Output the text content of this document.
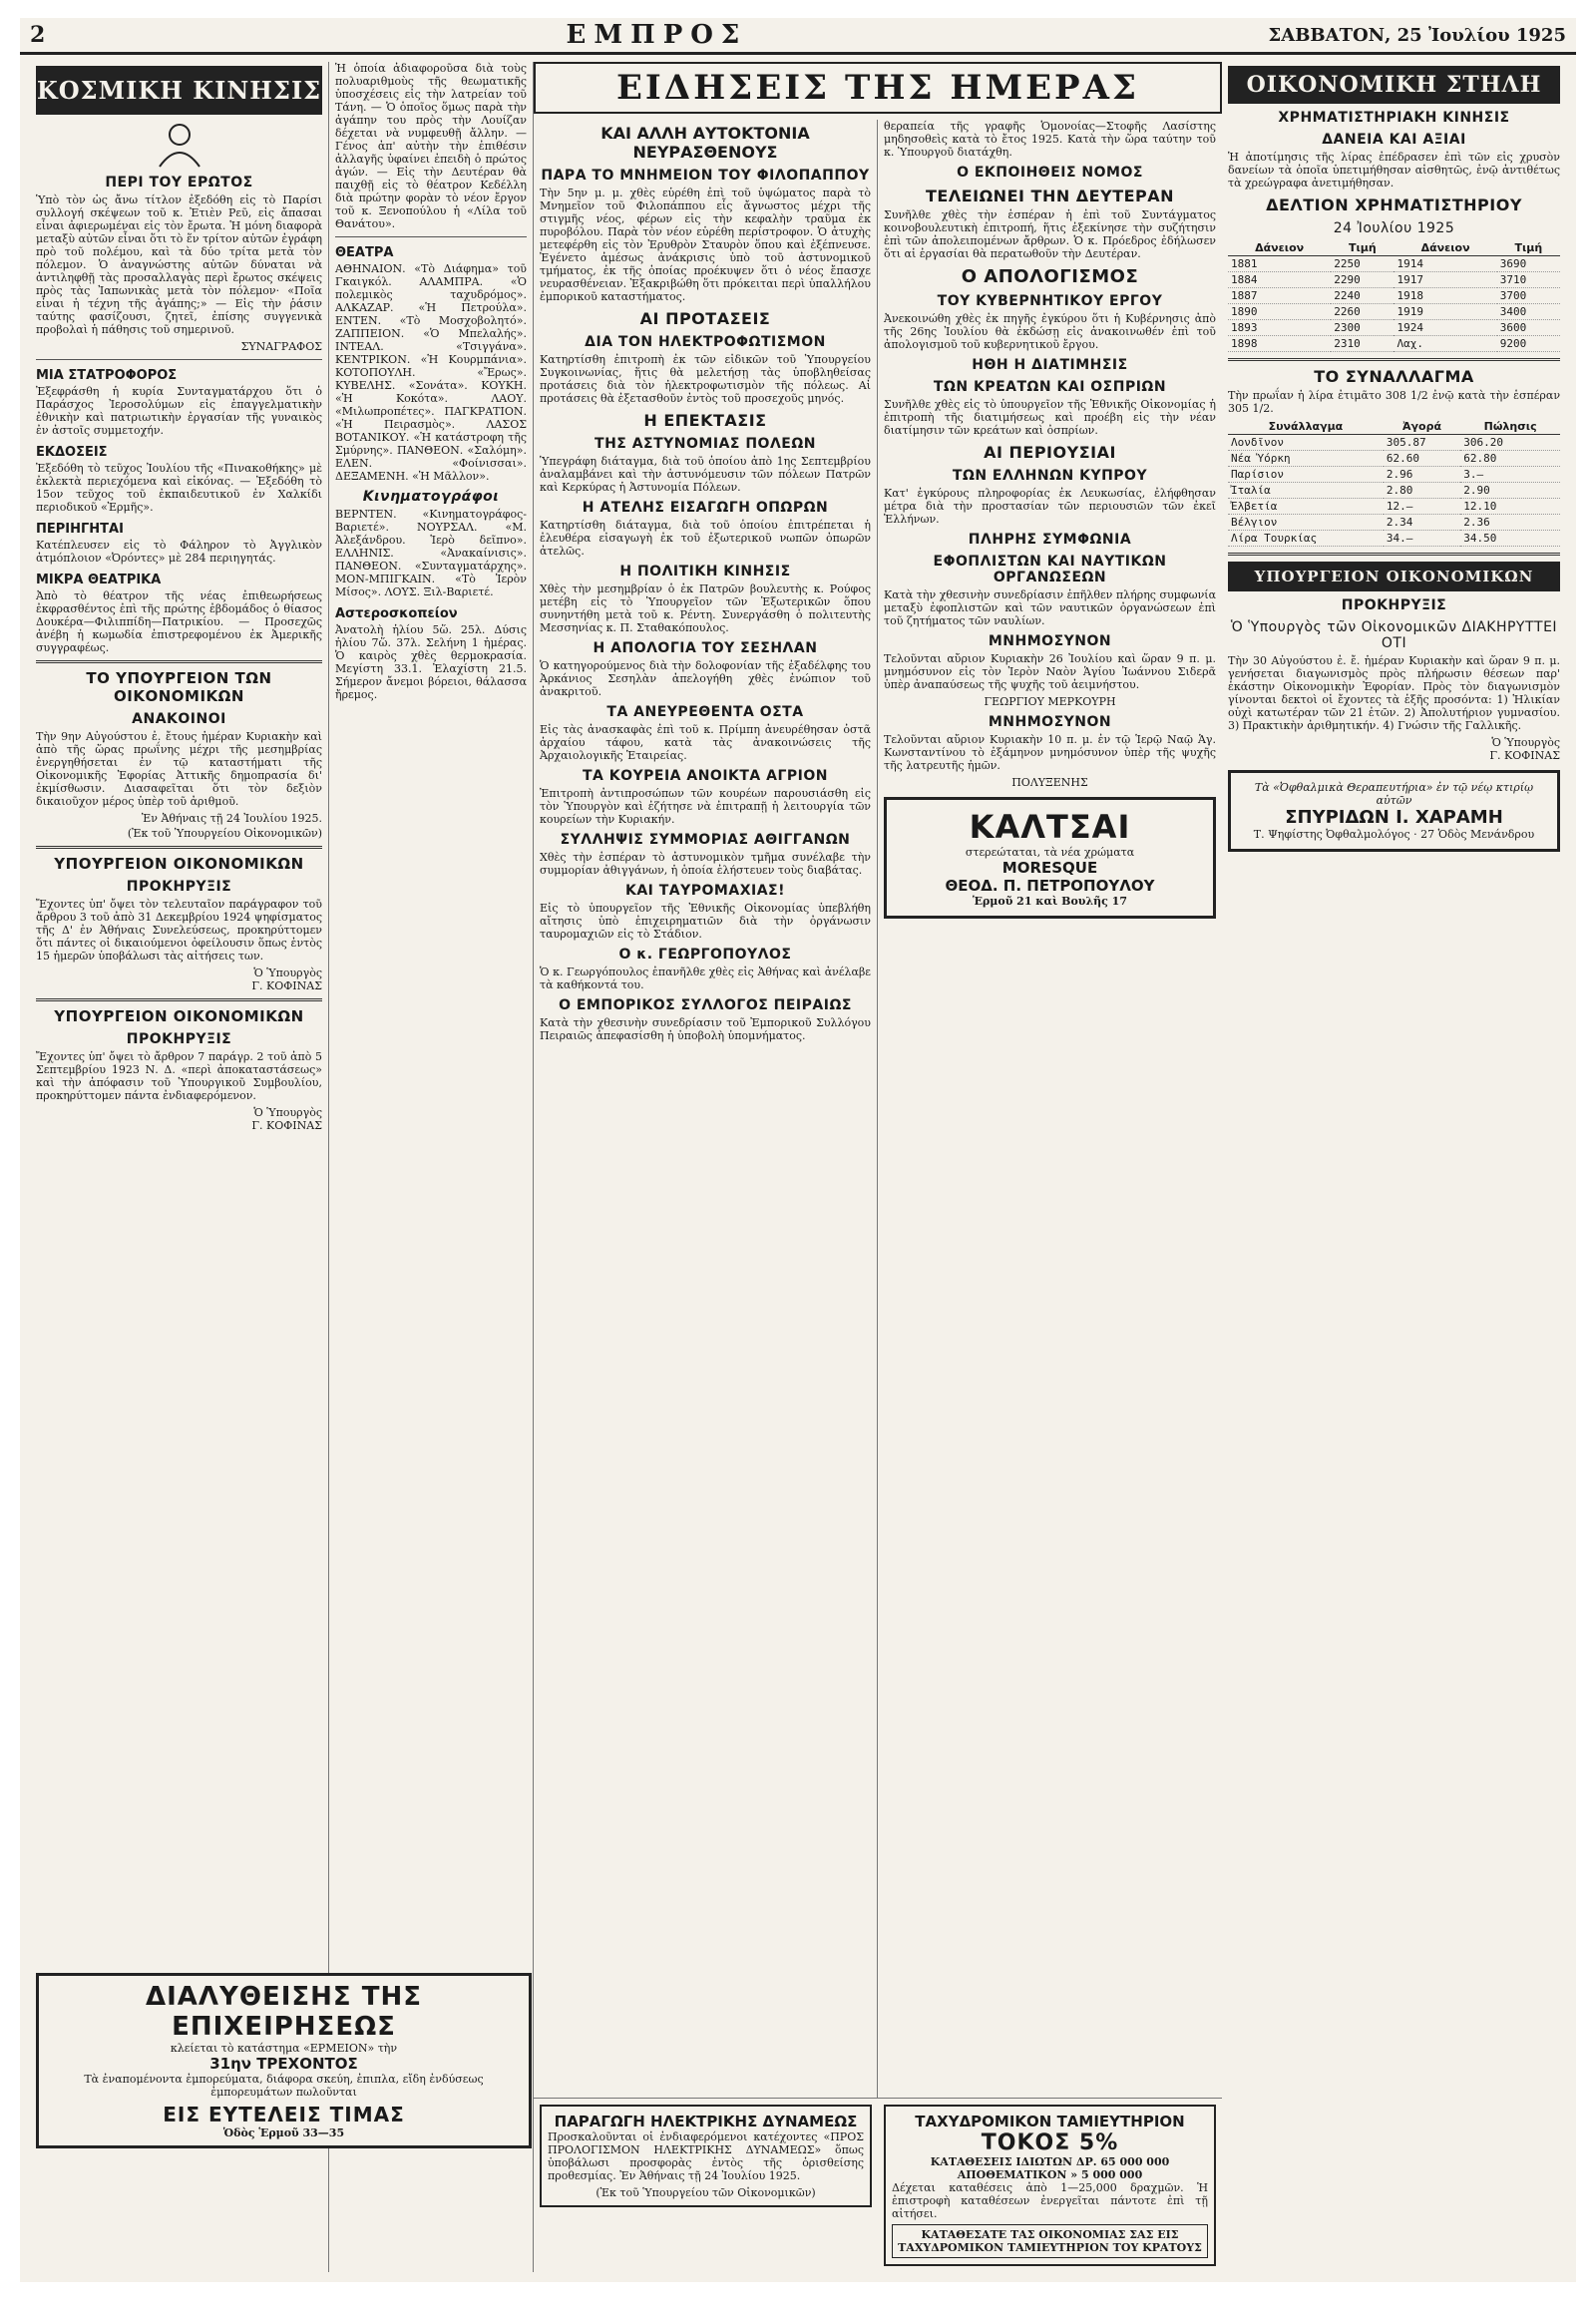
2	ΕΜΠΡΟΣ	ΣΑΒΒΑΤΟΝ, 25 Ἰουλίου 1925
ΚΟΣΜΙΚΗ ΚΙΝΗΣΙΣ
ΠΕΡΙ ΤΟΥ ΕΡΩΤΟΣ

Ὑπὸ τὸν ὡς ἄνω τίτλον ἐξεδόθη εἰς τὸ Παρίσι συλλογή σκέψεων τοῦ κ. Ἐτιὲν Ρεῦ, εἰς ἄπασαι εἶναι ἀφιερωμέναι εἰς τὸν ἔρωτα. Ἡ μόνη διαφορὰ μεταξὺ αὐτῶν εἶναι ὅτι τὸ ἕν τρίτον αὐτῶν ἐγράφη πρὸ τοῦ πολέμου, καὶ τὰ δύο τρίτα μετὰ τὸν πόλεμον. Ὁ ἀναγνώστης αὐτῶν δύναται νὰ ἀντιληφθῇ τὰς προσαλλαγὰς περὶ ἔρωτος σκέψεις πρὸς τὰς Ἰαπωνικὰς μετὰ τὸν πόλεμον· «Ποῖα εἶναι ἡ τέχνη τῆς ἀγάπης;» — Εἰς τὴν ῥάσιν ταύτης φασίζουσι, ζητεῖ, ἐπίσης συγγενικὰ προβολαὶ ἡ πάθησις τοῦ σημερινοῦ.

ΣΥΝΑΓΡΑΦΟΣ
ΜΙΑ ΣΤΑΤΡΟΦΟΡΟΣ

Ἐξεφράσθη ἡ κυρία Συνταγματάρχου ὅτι ὁ Παράσχος Ἰεροσολύμων εἰς ἐπαγγελματικὴν ἐθνικὴν καὶ πατριωτικὴν ἐργασίαν τῆς γυναικὸς ἐν ἀστοῖς συμμετοχήν.

ΕΚΔΟΣΕΙΣ

Ἐξεδόθη τὸ τεῦχος Ἰουλίου τῆς «Πινακοθήκης» μὲ ἐκλεκτὰ περιεχόμενα καὶ εἰκόνας. — Ἐξεδόθη τὸ 15ον τεῦχος τοῦ ἐκπαιδευτικοῦ ἐν Χαλκίδι περιοδικοῦ «Ἐρμῆς».

ΠΕΡΙΗΓΗΤΑΙ

Κατέπλευσεν εἰς τὸ Φάληρον τὸ Ἀγγλικὸν ἀτμόπλοιον «Ὀρόντες» μὲ 284 περιηγητάς.

ΜΙΚΡΑ ΘΕΑΤΡΙΚΑ

Ἀπὸ τὸ θέατρον τῆς νέας ἐπιθεωρήσεως ἐκφρασθέντος ἐπὶ τῆς πρώτης ἐβδομάδος ὁ θίασος Δουκέρα—Φιλιππίδη—Πατρικίου. — Προσεχῶς ἀνέβη ἡ κωμωδία ἐπιστρεφομένου ἐκ Ἀμερικῆς συγγραφέως.

ΤΟ ΥΠΟΥΡΓΕΙΟΝ ΤΩΝ ΟΙΚΟΝΟΜΙΚΩΝ
ΑΝΑΚΟΙΝΟΙ

Τὴν 9ην Αὐγούστου ἐ. ἔτους ἡμέραν Κυριακὴν καὶ ἀπὸ τῆς ὥρας πρωΐνης μέχρι τῆς μεσημβρίας ἐνεργηθήσεται ἐν τῷ καταστήματι τῆς Οἰκονομικῆς Ἐφορίας Ἀττικῆς δημοπρασία δι' ἐκμίσθωσιν. Διασαφεῖται ὅτι τὸν δεξιὸν δικαιοῦχον μέρος ὑπὲρ τοῦ ἀριθμοῦ.

Ἐν Ἀθήναις τῇ 24 Ἰουλίου 1925.
(Ἐκ τοῦ Ὑπουργείου Οἰκονομικῶν)
ΥΠΟΥΡΓΕΙΟΝ ΟΙΚΟΝΟΜΙΚΩΝ
ΠΡΟΚΗΡΥΞΙΣ

Ἔχοντες ὑπ' ὄψει τὸν τελευταῖον παράγραφον τοῦ ἄρθρου 3 τοῦ ἀπὸ 31 Δεκεμβρίου 1924 ψηφίσματος τῆς Δ' ἐν Ἀθήναις Συνελεύσεως, προκηρύττομεν ὅτι πάντες οἱ δικαιούμενοι ὀφείλουσιν ὅπως ἐντὸς 15 ἡμερῶν ὑποβάλωσι τὰς αἰτήσεις των.

Ὁ Ὑπουργὸς
Γ. ΚΟΦΙΝΑΣ
ΥΠΟΥΡΓΕΙΟΝ ΟΙΚΟΝΟΜΙΚΩΝ
ΠΡΟΚΗΡΥΞΙΣ

Ἔχοντες ὑπ' ὄψει τὸ ἄρθρον 7 παράγρ. 2 τοῦ ἀπὸ 5 Σεπτεμβρίου 1923 Ν. Δ. «περὶ ἀποκαταστάσεως» καὶ τὴν ἀπόφασιν τοῦ Ὑπουργικοῦ Συμβουλίου, προκηρύττομεν πάντα ἐνδιαφερόμενον.

Ὁ Ὑπουργὸς
Γ. ΚΟΦΙΝΑΣ

Ἡ ὁποία ἀδιαφοροῦσα διὰ τοὺς πολυαριθμοὺς τῆς θεωματικῆς ὑποσχέσεις εἰς τὴν λατρείαν τοῦ Τάνη. — Ὁ ὁποῖος ὅμως παρὰ τὴν ἀγάπην του πρὸς τὴν Λουίζαν δέχεται νὰ νυμφευθῇ ἄλλην. — Γένος ἀπ' αὐτὴν τὴν ἐπιθέσιν ἀλλαγῆς ὑφαίνει ἐπειδὴ ὁ πρώτος ἀγών. — Εἰς τὴν Δευτέραν θὰ παιχθῇ εἰς τὸ θέατρον Κεδέλλη διὰ πρώτην φορὰν τὸ νέον ἔργον τοῦ κ. Ξενοπούλου ἡ «Λίλα τοῦ Θανάτου».

ΘΕΑΤΡΑ

ΑΘΗΝΑΙΟΝ. «Τὸ Διάφημα» τοῦ Γκαιγκόλ. ΑΛΑΜΠΡΑ. «Ὁ πολεμικὸς ταχυδρόμος». ΑΛΚΑΖΑΡ. «Ἡ Πετρούλα». ΕΝΤΕΝ. «Τὸ Μοσχοβολητό». ΖΑΠΠΕΙΟΝ. «Ὁ Μπελαλής». ΙΝΤΕΑΛ. «Τσιγγάνα». ΚΕΝΤΡΙΚΟΝ. «Ἡ Κουρμπάνια». ΚΟΤΟΠΟΥΛΗ. «Ἔρως». ΚΥΒΕΛΗΣ. «Σονάτα». ΚΟΥΚΗ. «Ἡ Κοκότα». ΛΑΟΥ. «Μιλωπροπέτες». ΠΑΓΚΡΑΤΙΟΝ. «Ἡ Πειρασμὸς». ΛΑΣΟΣ ΒΟΤΑΝΙΚΟΥ. «Ἡ κατάστροφη τῆς Σμύρνης». ΠΑΝΘΕΟΝ. «Σαλόμη». ΕΛΕΝ. «Φοίνισσαι». ΔΕΞΑΜΕΝΗ. «Ἡ Μᾶλλον».

Κινηματογράφοι

ΒΕΡΝΤΕΝ. «Κινηματογράφος-Βαριετέ». ΝΟΥΡΣΑΛ. «Μ. Ἀλεξάνδρου. Ἱερὸ δεῖπνο». ΕΛΛΗΝΙΣ. «Ἀνακαίνισις». ΠΑΝΘΕΟΝ. «Συνταγματάρχης». ΜΟΝ-ΜΠΙΓΚΑΙΝ. «Τὸ Ἱερὸν Μίσος». ΛΟΥΣ. Ξιλ-Βαριετέ.

Αστεροσκοπείον

Ἀνατολὴ ἡλίου 5ὥ. 25λ. Δύσις ἡλίου 7ὥ. 37λ. Σελήνη 1 ἡμέρας. Ὁ καιρὸς χθὲς θερμοκρασία. Μεγίστη 33.1. Ἐλαχίστη 21.5. Σήμερον ἄνεμοι βόρειοι, θάλασσα ἤρεμος.

ΕΙΔΗΣΕΙΣ ΤΗΣ ΗΜΕΡΑΣ
ΚΑΙ ΑΛΛΗ ΑΥΤΟΚΤΟΝΙΑ ΝΕΥΡΑΣΘΕΝΟΥΣ
ΠΑΡΑ ΤΟ ΜΝΗΜΕΙΟΝ ΤΟΥ ΦΙΛΟΠΑΠΠΟΥ

Τὴν 5ην μ. μ. χθὲς εὑρέθη ἐπὶ τοῦ ὑψώματος παρὰ τὸ Μνημεῖον τοῦ Φιλοπάππου εἷς ἄγνωστος μέχρι τῆς στιγμῆς νέος, φέρων εἰς τὴν κεφαλὴν τραῦμα ἐκ πυροβόλου. Παρὰ τὸν νέον εὑρέθη περίστροφον. Ὁ ἀτυχὴς μετεφέρθη εἰς τὸν Ἐρυθρὸν Σταυρὸν ὅπου καὶ ἐξέπνευσε. Ἐγένετο ἀμέσως ἀνάκρισις ὑπὸ τοῦ ἀστυνομικοῦ τμήματος, ἐκ τῆς ὁποίας προέκυψεν ὅτι ὁ νέος ἔπασχε νευρασθένειαν. Ἐξακριβώθη ὅτι πρόκειται περὶ ὑπαλλήλου ἐμπορικοῦ καταστήματος.

ΑΙ ΠΡΟΤΑΣΕΙΣ
ΔΙΑ ΤΟΝ ΗΛΕΚΤΡΟΦΩΤΙΣΜΟΝ

Κατηρτίσθη ἐπιτροπὴ ἐκ τῶν εἰδικῶν τοῦ Ὑπουργείου Συγκοινωνίας, ἥτις θὰ μελετήσῃ τὰς ὑποβληθείσας προτάσεις διὰ τὸν ἠλεκτροφωτισμὸν τῆς πόλεως. Αἱ προτάσεις θὰ ἐξετασθοῦν ἐντὸς τοῦ προσεχοῦς μηνός.

Η ΕΠΕΚΤΑΣΙΣ
ΤΗΣ ΑΣΤΥΝΟΜΙΑΣ ΠΟΛΕΩΝ

Ὑπεγράφη διάταγμα, διὰ τοῦ ὁποίου ἀπὸ 1ης Σεπτεμβρίου ἀναλαμβάνει καὶ τὴν ἀστυνόμευσιν τῶν πόλεων Πατρῶν καὶ Κερκύρας ἡ Ἀστυνομία Πόλεων.

Η ΑΤΕΛΗΣ ΕΙΣΑΓΩΓΗ ΟΠΩΡΩΝ

Κατηρτίσθη διάταγμα, διὰ τοῦ ὁποίου ἐπιτρέπεται ἡ ἐλευθέρα εἰσαγωγὴ ἐκ τοῦ ἐξωτερικοῦ νωπῶν ὀπωρῶν ἀτελῶς.

Η ΠΟΛΙΤΙΚΗ ΚΙΝΗΣΙΣ

Χθὲς τὴν μεσημβρίαν ὁ ἐκ Πατρῶν βουλευτὴς κ. Ρούφος μετέβη εἰς τὸ Ὑπουργεῖον τῶν Ἐξωτερικῶν ὅπου συνηντήθη μετὰ τοῦ κ. Ρέντη. Συνεργάσθη ὁ πολιτευτὴς Μεσσηνίας κ. Π. Σταθακόπουλος.

Η ΑΠΟΛΟΓΙΑ ΤΟΥ ΣΕΣΗΛΑΝ

Ὁ κατηγορούμενος διὰ τὴν δολοφονίαν τῆς ἐξαδέλφης του Ἀρκάνιος Σεσηλὰν ἀπελογήθη χθὲς ἐνώπιον τοῦ ἀνακριτοῦ.

ΤΑ ΑΝΕΥΡΕΘΕΝΤΑ ΟΣΤΑ

Εἰς τὰς ἀνασκαφὰς ἐπὶ τοῦ κ. Πρίμπη ἀνευρέθησαν ὀστᾶ ἀρχαίου τάφου, κατὰ τὰς ἀνακοινώσεις τῆς Ἀρχαιολογικῆς Ἑταιρείας.

ΤΑ ΚΟΥΡΕΙΑ ΑΝΟΙΚΤΑ ΑΓΡΙΟΝ

Ἐπιτροπὴ ἀντιπροσώπων τῶν κουρέων παρουσιάσθη εἰς τὸν Ὑπουργὸν καὶ ἐζήτησε νὰ ἐπιτραπῇ ἡ λειτουργία τῶν κουρείων τὴν Κυριακήν.

ΣΥΛΛΗΨΙΣ ΣΥΜΜΟΡΙΑΣ ΑΘΙΓΓΑΝΩΝ

Χθὲς τὴν ἑσπέραν τὸ ἀστυνομικὸν τμῆμα συνέλαβε τὴν συμμορίαν ἀθιγγάνων, ἡ ὁποία ἐλήστευεν τοὺς διαβάτας.

ΚΑΙ ΤΑΥΡΟΜΑΧΙΑΣ!

Εἰς τὸ ὑπουργεῖον τῆς Ἐθνικῆς Οἰκονομίας ὑπεβλήθη αἴτησις ὑπὸ ἐπιχειρηματιῶν διὰ τὴν ὀργάνωσιν ταυρομαχιῶν εἰς τὸ Στάδιον.

Ο κ. ΓΕΩΡΓΟΠΟΥΛΟΣ

Ὁ κ. Γεωργόπουλος ἐπανῆλθε χθὲς εἰς Ἀθήνας καὶ ἀνέλαβε τὰ καθήκοντά του.

Ο ΕΜΠΟΡΙΚΟΣ ΣΥΛΛΟΓΟΣ ΠΕΙΡΑΙΩΣ

Κατὰ τὴν χθεσινὴν συνεδρίασιν τοῦ Ἐμπορικοῦ Συλλόγου Πειραιῶς ἀπεφασίσθη ἡ ὑποβολὴ ὑπομνήματος.

θεραπεία τῆς γραφῆς Ὁμονοίας—Στοφῆς Λασίστης μηδησοθεὶς κατὰ τὸ ἔτος 1925. Κατὰ τὴν ὥρα ταύτην τοῦ κ. Ὑπουργοῦ διατάχθη.

Ο ΕΚΠΟΙΗΘΕΙΣ ΝΟΜΟΣ
ΤΕΛΕΙΩΝΕΙ ΤΗΝ ΔΕΥΤΕΡΑΝ

Συνῆλθε χθὲς τὴν ἑσπέραν ἡ ἐπὶ τοῦ Συντάγματος κοινοβουλευτικὴ ἐπιτροπή, ἥτις ἐξεκίνησε τὴν συζήτησιν ἐπὶ τῶν ἀπολειπομένων ἄρθρων. Ὁ κ. Πρόεδρος ἐδήλωσεν ὅτι αἱ ἐργασίαι θὰ περατωθοῦν τὴν Δευτέραν.

Ο ΑΠΟΛΟΓΙΣΜΟΣ
ΤΟΥ ΚΥΒΕΡΝΗΤΙΚΟΥ ΕΡΓΟΥ

Ἀνεκοινώθη χθὲς ἐκ πηγῆς ἐγκύρου ὅτι ἡ Κυβέρνησις ἀπὸ τῆς 26ης Ἰουλίου θὰ ἐκδώσῃ εἰς ἀνακοινωθέν ἐπὶ τοῦ ἀπολογισμοῦ τοῦ κυβερνητικοῦ ἔργου.

ΗΘΗ Η ΔΙΑΤΙΜΗΣΙΣ
ΤΩΝ ΚΡΕΑΤΩΝ ΚΑΙ ΟΣΠΡΙΩΝ

Συνῆλθε χθὲς εἰς τὸ ὑπουργεῖον τῆς Ἐθνικῆς Οἰκονομίας ἡ ἐπιτροπὴ τῆς διατιμήσεως καὶ προέβη εἰς τὴν νέαν διατίμησιν τῶν κρεάτων καὶ ὀσπρίων.

ΑΙ ΠΕΡΙΟΥΣΙΑΙ
ΤΩΝ ΕΛΛΗΝΩΝ ΚΥΠΡΟΥ

Κατ' ἐγκύρους πληροφορίας ἐκ Λευκωσίας, ἐλήφθησαν μέτρα διὰ τὴν προστασίαν τῶν περιουσιῶν τῶν ἐκεῖ Ἑλλήνων.

ΠΛΗΡΗΣ ΣΥΜΦΩΝΙΑ
ΕΦΟΠΛΙΣΤΩΝ ΚΑΙ ΝΑΥΤΙΚΩΝ ΟΡΓΑΝΩΣΕΩΝ

Κατὰ τὴν χθεσινὴν συνεδρίασιν ἐπῆλθεν πλήρης συμφωνία μεταξὺ ἐφοπλιστῶν καὶ τῶν ναυτικῶν ὀργανώσεων ἐπὶ τοῦ ζητήματος τῶν ναυλίων.

ΜΝΗΜΟΣΥΝΟΝ

Τελοῦνται αὔριον Κυριακὴν 26 Ἰουλίου καὶ ὥραν 9 π. μ. μνημόσυνον εἰς τὸν Ἱερὸν Ναὸν Ἁγίου Ἰωάννου Σιδερᾶ ὑπὲρ ἀναπαύσεως τῆς ψυχῆς τοῦ ἀειμνήστου.

ΓΕΩΡΓΙΟΥ ΜΕΡΚΟΥΡΗ
ΜΝΗΜΟΣΥΝΟΝ

Τελοῦνται αὔριον Κυριακὴν 10 π. μ. ἐν τῷ Ἱερῷ Ναῷ Ἁγ. Κωνσταντίνου τὸ ἐξάμηνον μνημόσυνον ὑπὲρ τῆς ψυχῆς τῆς λατρευτῆς ἡμῶν.

ΠΟΛΥΞΕΝΗΣ
ΚΑΛΤΣΑΙ
στερεώταται, τὰ νέα χρώματα
MORESQUE
ΘΕΟΔ. Π. ΠΕΤΡΟΠΟΥΛΟΥ
Ἑρμοῦ 21 καὶ Βουλῆς 17
ΠΑΡΑΓΩΓΗ ΗΛΕΚΤΡΙΚΗΣ ΔΥΝΑΜΕΩΣ

Προσκαλοῦνται οἱ ἐνδιαφερόμενοι κατέχοντες «ΠΡΟΣ ΠΡΟΛΟΓΙΣΜΟΝ ΗΛΕΚΤΡΙΚΗΣ ΔΥΝΑΜΕΩΣ» ὅπως ὑποβάλωσι προσφορὰς ἐντὸς τῆς ὁρισθείσης προθεσμίας. Ἐν Ἀθήναις τῇ 24 Ἰουλίου 1925.

(Ἐκ τοῦ Ὑπουργείου τῶν Οἰκονομικῶν)
ΤΑΧΥΔΡΟΜΙΚΟΝ ΤΑΜΙΕΥΤΗΡΙΟΝ
ΤΟΚΟΣ 5%
ΚΑΤΑΘΕΣΕΙΣ ΙΔΙΩΤΩΝ ΔΡ. 65 000 000
ΑΠΟΘΕΜΑΤΙΚΟΝ » 5 000 000

Δέχεται καταθέσεις ἀπὸ 1—25,000 δραχμῶν. Ἡ ἐπιστροφὴ καταθέσεων ἐνεργεῖται πάντοτε ἐπὶ τῇ αἰτήσει.

ΚΑΤΑΘΕΣΑΤΕ ΤΑΣ ΟΙΚΟΝΟΜΙΑΣ ΣΑΣ ΕΙΣ ΤΑΧΥΔΡΟΜΙΚΟΝ ΤΑΜΙΕΥΤΗΡΙΟΝ ΤΟΥ ΚΡΑΤΟΥΣ
ΟΙΚΟΝΟΜΙΚΗ ΣΤΗΛΗ
ΧΡΗΜΑΤΙΣΤΗΡΙΑΚΗ ΚΙΝΗΣΙΣ
ΔΑΝΕΙΑ ΚΑΙ ΑΞΙΑΙ

Ἡ ἀποτίμησις τῆς λίρας ἐπέδρασεν ἐπὶ τῶν εἰς χρυσὸν δανείων τὰ ὁποῖα ὑπετιμήθησαν αἰσθητῶς, ἐνῷ ἀντιθέτως τὰ χρεώγραφα ἀνετιμήθησαν.

ΔΕΛΤΙΟΝ ΧΡΗΜΑΤΙΣΤΗΡΙΟΥ
24 Ἰουλίου 1925
Δάνειον	Τιμή	Δάνειον	Τιμή
1881	2250	1914	3690
1884	2290	1917	3710
1887	2240	1918	3700
1890	2260	1919	3400
1893	2300	1924	3600
1898	2310	Λαχ.	9200
ΤΟ ΣΥΝΑΛΛΑΓΜΑ

Τὴν πρωΐαν ἡ λίρα ἐτιμᾶτο 308 1/2 ἐνῷ κατὰ τὴν ἑσπέραν 305 1/2.

Συνάλλαγμα	Ἀγορά	Πώλησις
Λονδῖνον	305.87	306.20
Νέα Ὑόρκη	62.60	62.80
Παρίσιον	2.96	3.—
Ἰταλία	2.80	2.90
Ἐλβετία	12.—	12.10
Βέλγιον	2.34	2.36
Λίρα Τουρκίας	34.—	34.50
ΥΠΟΥΡΓΕΙΟΝ ΟΙΚΟΝΟΜΙΚΩΝ
ΠΡΟΚΗΡΥΞΙΣ
Ὁ Ὑπουργὸς τῶν Οἰκονομικῶν ΔΙΑΚΗΡΥΤΤΕΙ ΟΤΙ

Τὴν 30 Αὐγούστου ἐ. ἔ. ἡμέραν Κυριακὴν καὶ ὥραν 9 π. μ. γενήσεται διαγωνισμὸς πρὸς πλήρωσιν θέσεων παρ' ἑκάστην Οἰκονομικὴν Ἐφορίαν. Πρὸς τὸν διαγωνισμὸν γίνονται δεκτοὶ οἱ ἔχοντες τὰ ἑξῆς προσόντα: 1) Ἡλικίαν οὐχὶ κατωτέραν τῶν 21 ἐτῶν. 2) Ἀπολυτήριον γυμνασίου. 3) Πρακτικὴν ἀριθμητικήν. 4) Γνώσιν τῆς Γαλλικῆς.

Ὁ Ὑπουργὸς
Γ. ΚΟΦΙΝΑΣ
Τὰ «Ὀφθαλμικὰ Θεραπευτήρια» ἐν τῷ νέῳ κτιρίῳ αὐτῶν
ΣΠΥΡΙΔΩΝ Ι. ΧΑΡΑΜΗ
Τ. Ψηφίστης Ὀφθαλμολόγος · 27 Ὁδὸς Μενάνδρου
ΔΙΑΛΥΘΕΙΣΗΣ ΤΗΣ ΕΠΙΧΕΙΡΗΣΕΩΣ
κλείεται τὸ κατάστημα «ΕΡΜΕΙΟΝ» τὴν
31ην ΤΡΕΧΟΝΤΟΣ
Τὰ ἐναπομένοντα ἐμπορεύματα, διάφορα σκεύη, ἐπιπλα, εἴδη ἐνδύσεως ἐμπορευμάτων πωλοῦνται
ΕΙΣ ΕΥΤΕΛΕΙΣ ΤΙΜΑΣ
Ὁδὸς Ἑρμοῦ 33—35
